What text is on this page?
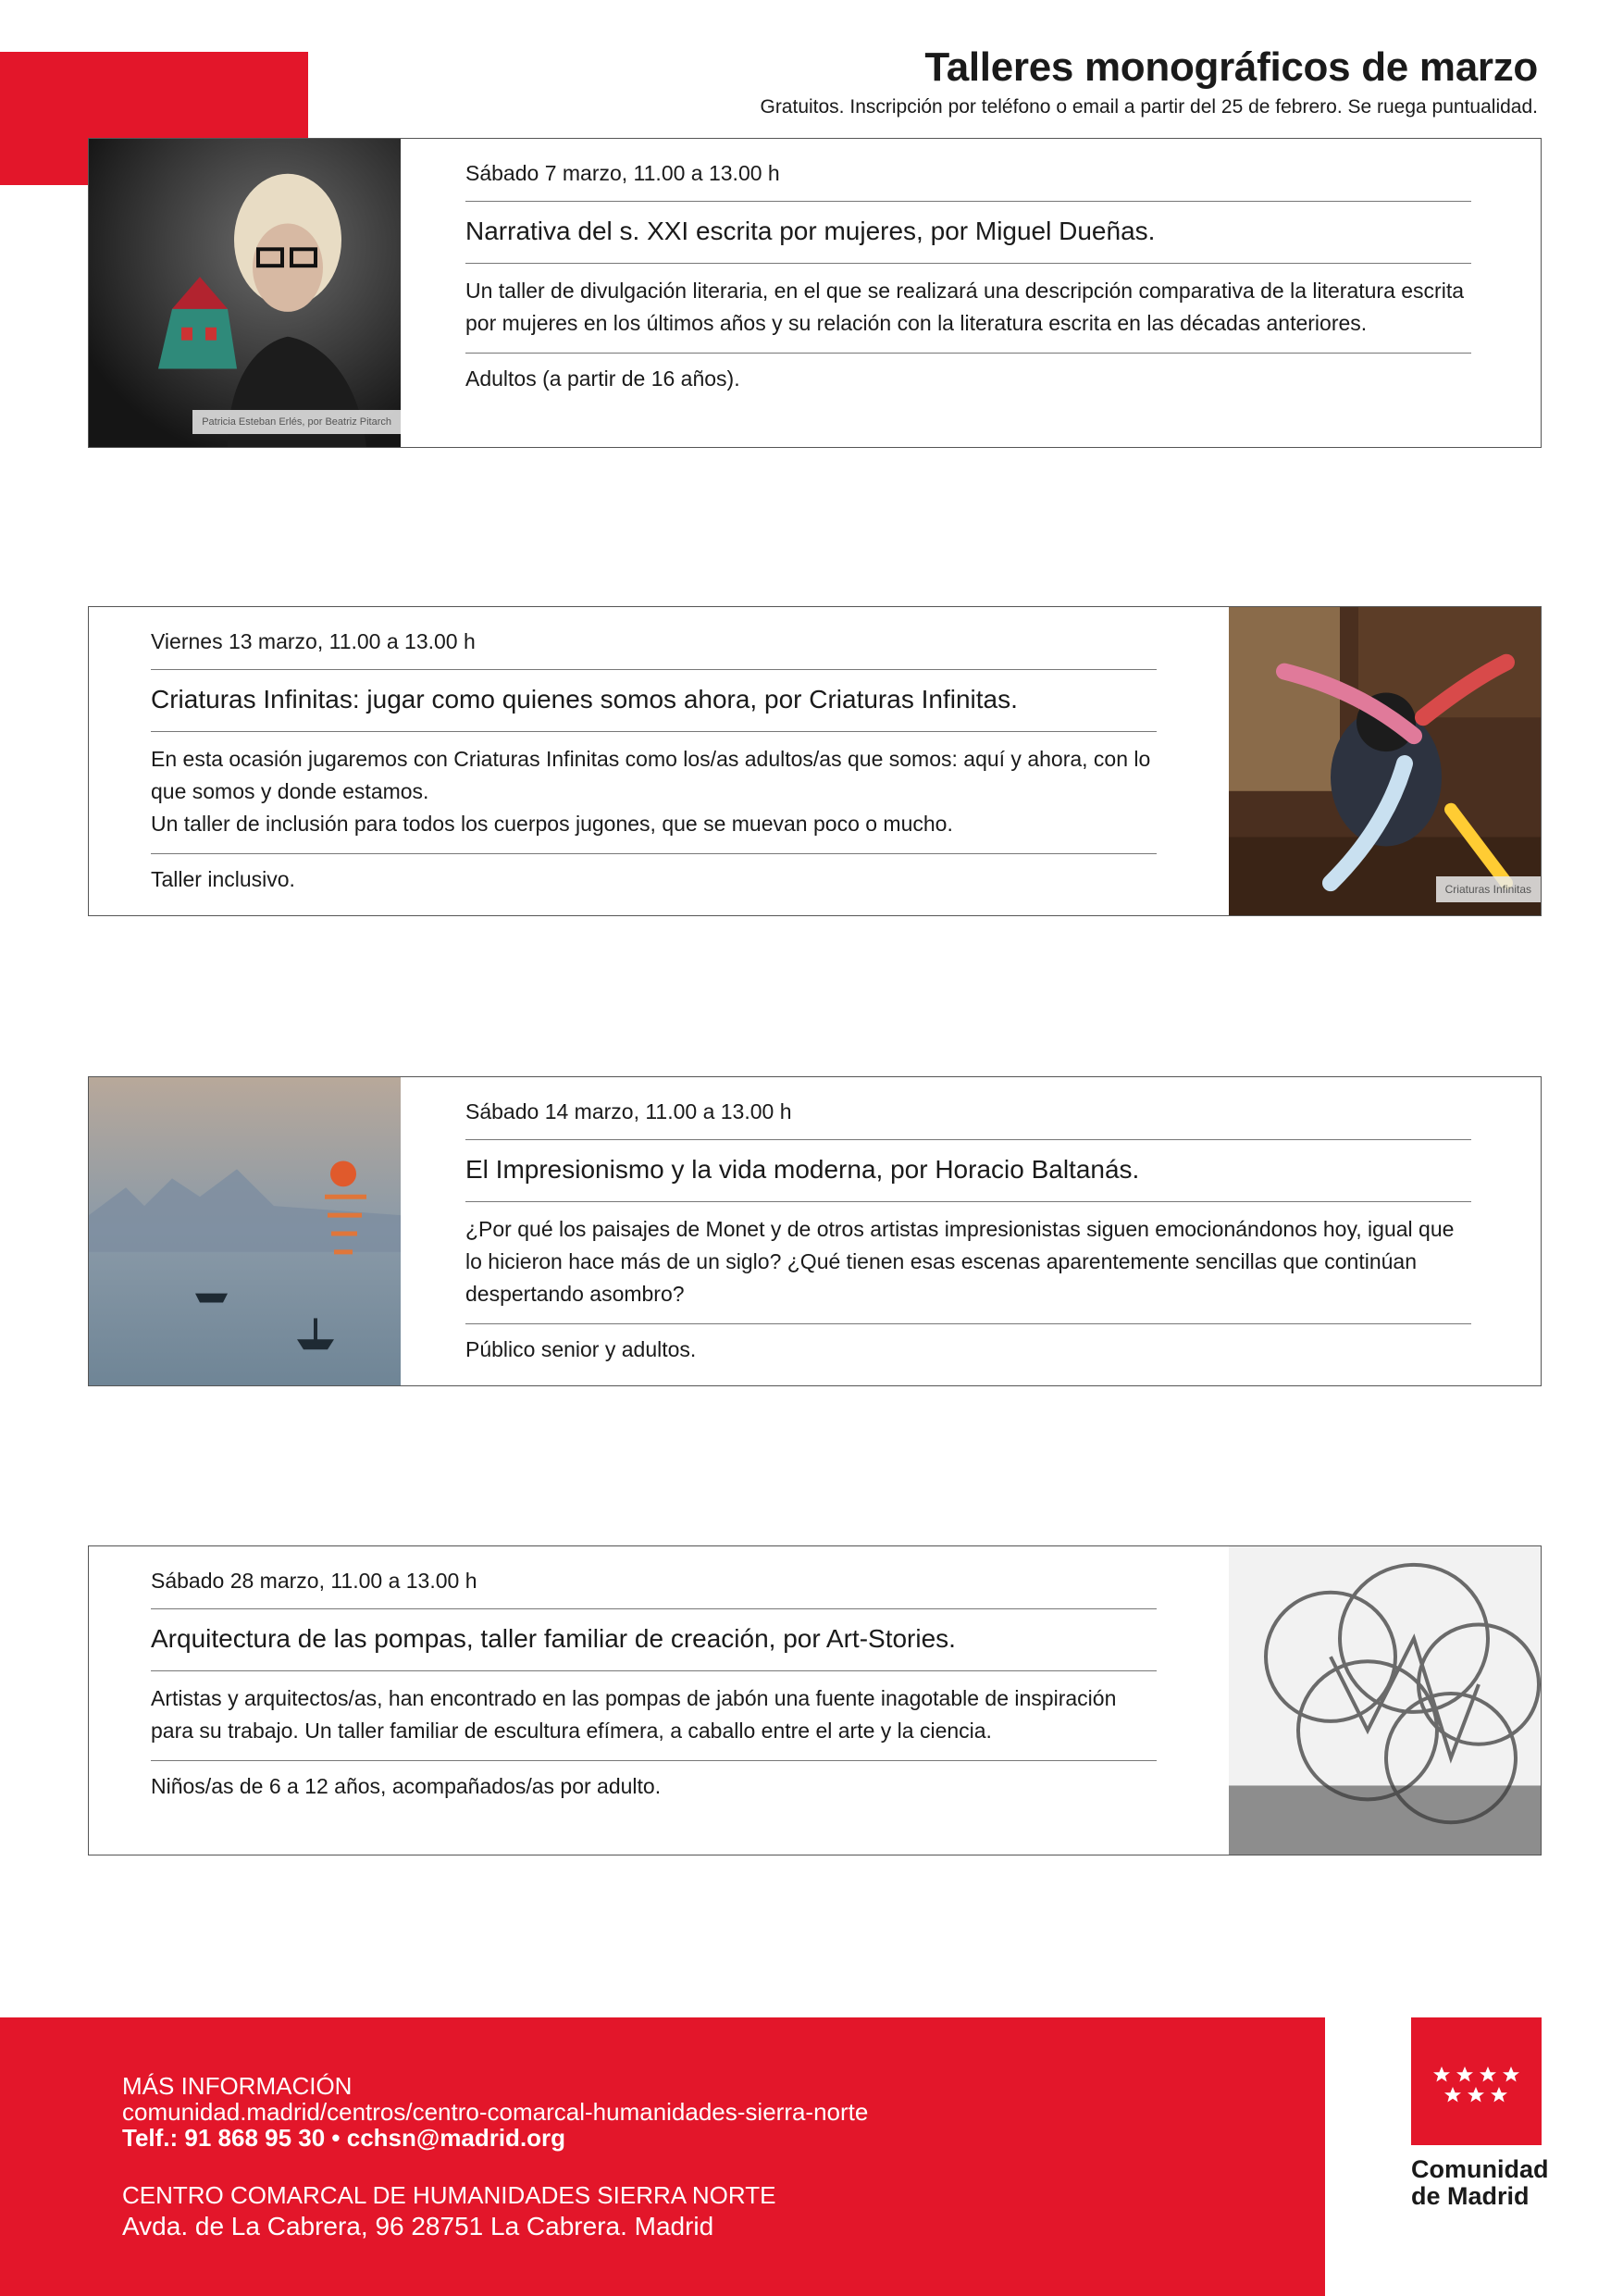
Talleres monográficos de marzo
Gratuitos. Inscripción por teléfono o email a partir del 25 de febrero. Se ruega puntualidad.
Patricia Esteban Erlés, por Beatriz Pitarch
Sábado 7 marzo, 11.00 a 13.00 h
Narrativa del s. XXI escrita por mujeres, por Miguel Dueñas.
Un taller de divulgación literaria, en el que se realizará una descripción comparativa de la literatura escrita por mujeres en los últimos años y su relación con la literatura escrita en las décadas anteriores.
Adultos (a partir de 16 años).
Viernes 13 marzo, 11.00 a 13.00 h
Criaturas Infinitas: jugar como quienes somos ahora, por Criaturas Infinitas.
En esta ocasión jugaremos con Criaturas Infinitas como los/as adultos/as que somos: aquí y ahora, con lo que somos y donde estamos.
Un taller de inclusión para todos los cuerpos jugones, que se muevan poco o mucho.
Taller inclusivo.	Criaturas Infinitas
Sábado 14 marzo, 11.00 a 13.00 h
El Impresionismo y la vida moderna, por Horacio Baltanás.
¿Por qué los paisajes de Monet y de otros artistas impresionistas siguen emocionándonos hoy, igual que lo hicieron hace más de un siglo? ¿Qué tienen esas escenas aparentemente sencillas que continúan despertando asombro?
Público senior y adultos.
Sábado 28 marzo, 11.00 a 13.00 h
Arquitectura de las pompas, taller familiar de creación, por Art-Stories.
Artistas y arquitectos/as, han encontrado en las pompas de jabón una fuente inagotable de inspiración para su trabajo. Un taller familiar de escultura efímera, a caballo entre el arte y la ciencia.
Niños/as de 6 a 12 años, acompañados/as por adulto.
MÁS INFORMACIÓN
comunidad.madrid/centros/centro-comarcal-humanidades-sierra-norte
Telf.: 91 868 95 30 • cchsn@madrid.org
CENTRO COMARCAL DE HUMANIDADES SIERRA NORTE
Avda. de La Cabrera, 96 28751 La Cabrera. Madrid
Comunidad
de Madrid
